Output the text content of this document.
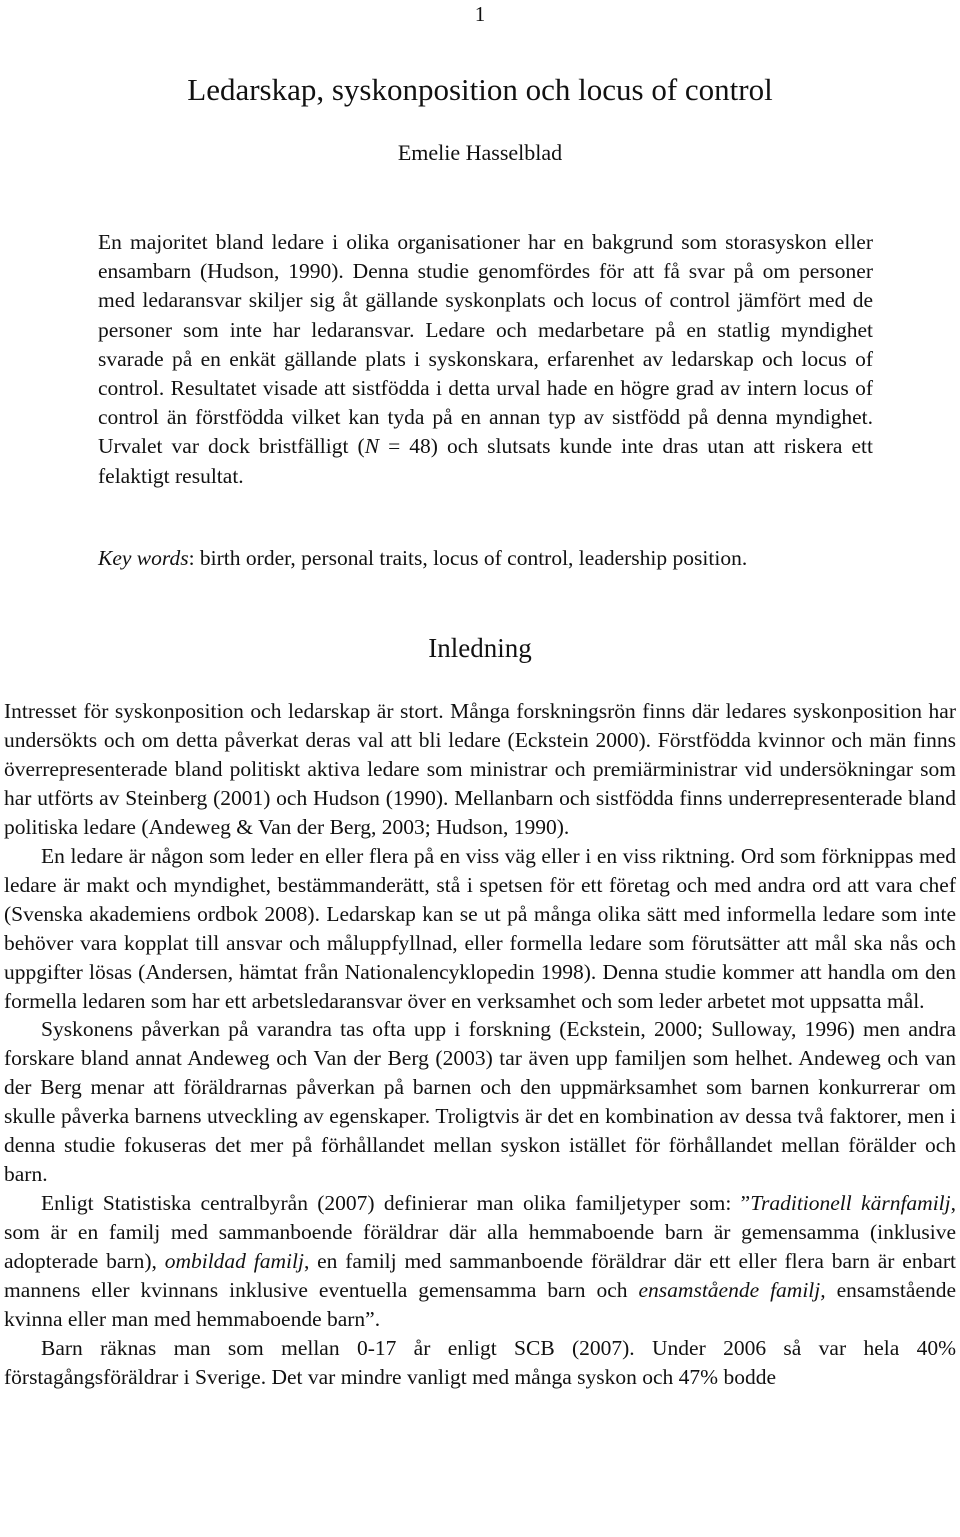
1
Ledarskap, syskonposition och locus of control
Emelie Hasselblad
En majoritet bland ledare i olika organisationer har en bakgrund som storasyskon eller ensambarn (Hudson, 1990). Denna studie genomfördes för att få svar på om personer med ledaransvar skiljer sig åt gällande syskonplats och locus of control jämfört med de personer som inte har ledaransvar. Ledare och medarbetare på en statlig myndighet svarade på en enkät gällande plats i syskonskara, erfarenhet av ledarskap och locus of control. Resultatet visade att sistfödda i detta urval hade en högre grad av intern locus of control än förstfödda vilket kan tyda på en annan typ av sistfödd på denna myndighet. Urvalet var dock bristfälligt (N = 48) och slutsats kunde inte dras utan att riskera ett felaktigt resultat.
Key words: birth order, personal traits, locus of control, leadership position.
Inledning

Intresset för syskonposition och ledarskap är stort. Många forskningsrön finns där ledares syskonposition har undersökts och om detta påverkat deras val att bli ledare (Eckstein 2000). Förstfödda kvinnor och män finns överrepresenterade bland politiskt aktiva ledare som ministrar och premiärministrar vid undersökningar som har utförts av Steinberg (2001) och Hudson (1990). Mellanbarn och sistfödda finns underrepresenterade bland politiska ledare (Andeweg & Van der Berg, 2003; Hudson, 1990).

En ledare är någon som leder en eller flera på en viss väg eller i en viss riktning. Ord som förknippas med ledare är makt och myndighet, bestämmanderätt, stå i spetsen för ett företag och med andra ord att vara chef (Svenska akademiens ordbok 2008). Ledarskap kan se ut på många olika sätt med informella ledare som inte behöver vara kopplat till ansvar och måluppfyllnad, eller formella ledare som förutsätter att mål ska nås och uppgifter lösas (Andersen, hämtat från Nationalencyklopedin 1998). Denna studie kommer att handla om den formella ledaren som har ett arbetsledaransvar över en verksamhet och som leder arbetet mot uppsatta mål.

Syskonens påverkan på varandra tas ofta upp i forskning (Eckstein, 2000; Sulloway, 1996) men andra forskare bland annat Andeweg och Van der Berg (2003) tar även upp familjen som helhet. Andeweg och van der Berg menar att föräldrarnas påverkan på barnen och den uppmärksamhet som barnen konkurrerar om skulle påverka barnens utveckling av egenskaper. Troligtvis är det en kombination av dessa två faktorer, men i denna studie fokuseras det mer på förhållandet mellan syskon istället för förhållandet mellan förälder och barn.

Enligt Statistiska centralbyrån (2007) definierar man olika familjetyper som: ”Traditionell kärnfamilj, som är en familj med sammanboende föräldrar där alla hemmaboende barn är gemensamma (inklusive adopterade barn), ombildad familj, en familj med sammanboende föräldrar där ett eller flera barn är enbart mannens eller kvinnans inklusive eventuella gemensamma barn och ensamstående familj, ensamstående kvinna eller man med hemmaboende barn”.

Barn räknas man som mellan 0-17 år enligt SCB (2007). Under 2006 så var hela 40% förstagångsföräldrar i Sverige. Det var mindre vanligt med många syskon och 47% bodde
